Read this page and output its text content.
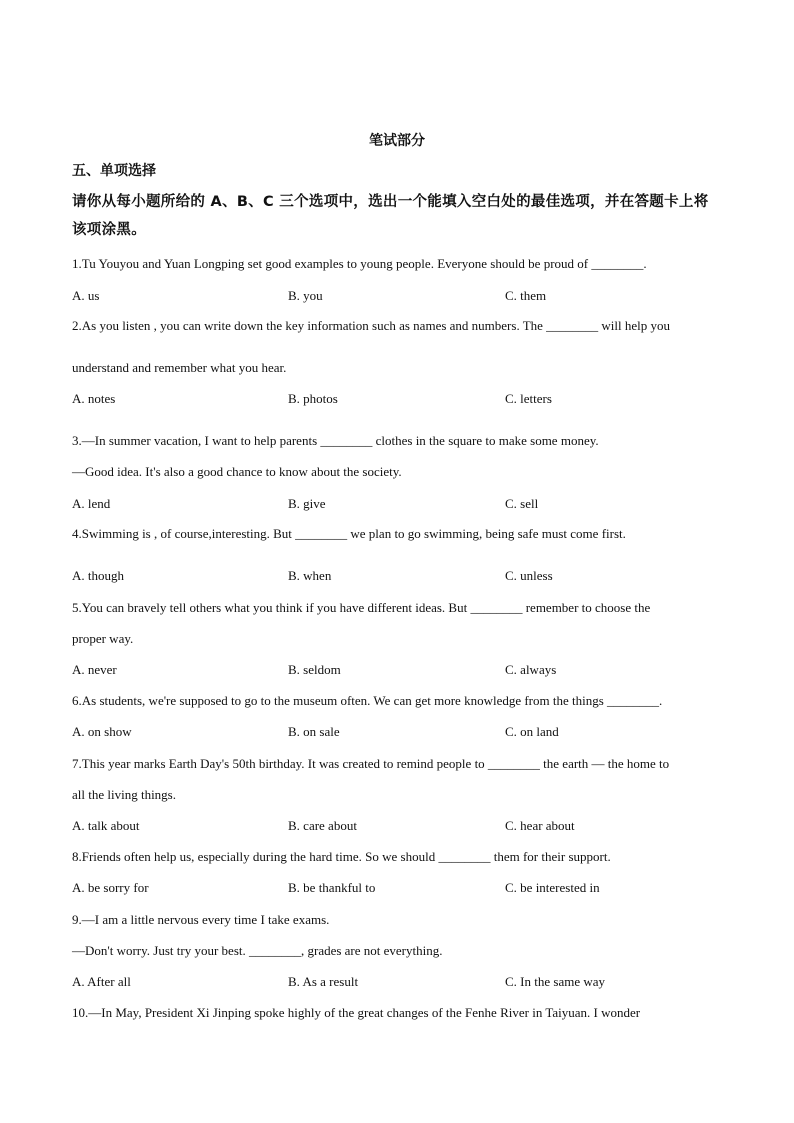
笔试部分
五、单项选择
请你从每小题所给的 A、B、C 三个选项中，选出一个能填入空白处的最佳选项，并在答题卡上将该项涂黑。
1.Tu Youyou and Yuan Longping set good examples to young people. Everyone should be proud of ________.
A. us	B. you	C. them
2.As you listen , you can write down the key information such as names and numbers. The ________ will help you
understand and remember what you hear.
A. notes	B. photos	C. letters
3.—In summer vacation, I want to help parents ________ clothes in the square to make some money.
—Good idea. It's also a good chance to know about the society.
A. lend	B. give	C. sell
4.Swimming is , of course,interesting. But ________ we plan to go swimming, being safe must come first.
A. though	B. when	C. unless
5.You can bravely tell others what you think if you have different ideas. But ________ remember to choose the
proper way.
A. never	B. seldom	C. always
6.As students, we're supposed to go to the museum often. We can get more knowledge from the things ________.
A. on show	B. on sale	C. on land
7.This year marks Earth Day's 50th birthday. It was created to remind people to ________ the earth — the home to
all the living things.
A. talk about	B. care about	C. hear about
8.Friends often help us, especially during the hard time. So we should ________ them for their support.
A. be sorry for	B. be thankful to	C. be interested in
9.—I am a little nervous every time I take exams.
—Don't worry. Just try your best. ________, grades are not everything.
A. After all	B. As a result	C. In the same way
10.—In May, President Xi Jinping spoke highly of the great changes of the Fenhe River in Taiyuan. I wonder
